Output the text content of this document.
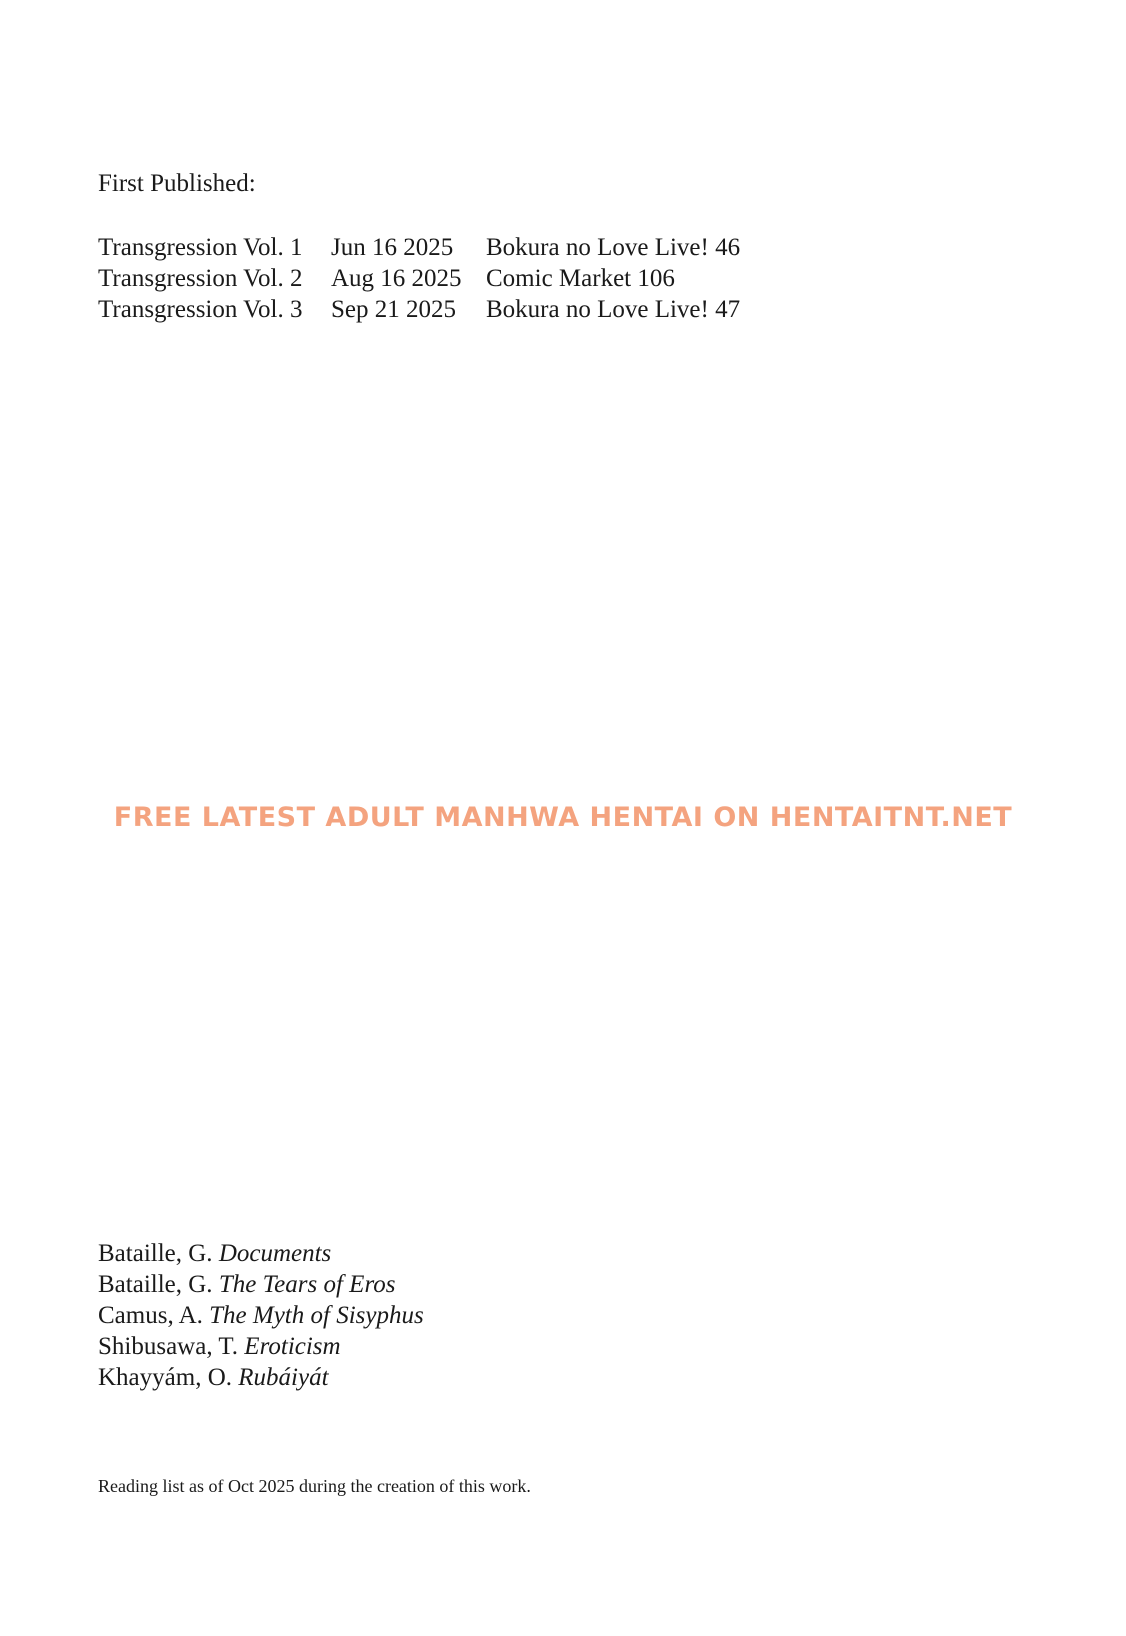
First Published:
Transgression Vol. 1	Jun 16 2025	Bokura no Love Live! 46
Transgression Vol. 2	Aug 16 2025	Comic Market 106
Transgression Vol. 3	Sep 21 2025	Bokura no Love Live! 47
FREE LATEST ADULT MANHWA HENTAI ON HENTAITNT.NET
Bataille, G. Documents
Bataille, G. The Tears of Eros
Camus, A. The Myth of Sisyphus
Shibusawa, T. Eroticism
Khayyám, O. Rubáiyát

Reading list as of Oct 2025 during the creation of this work.
